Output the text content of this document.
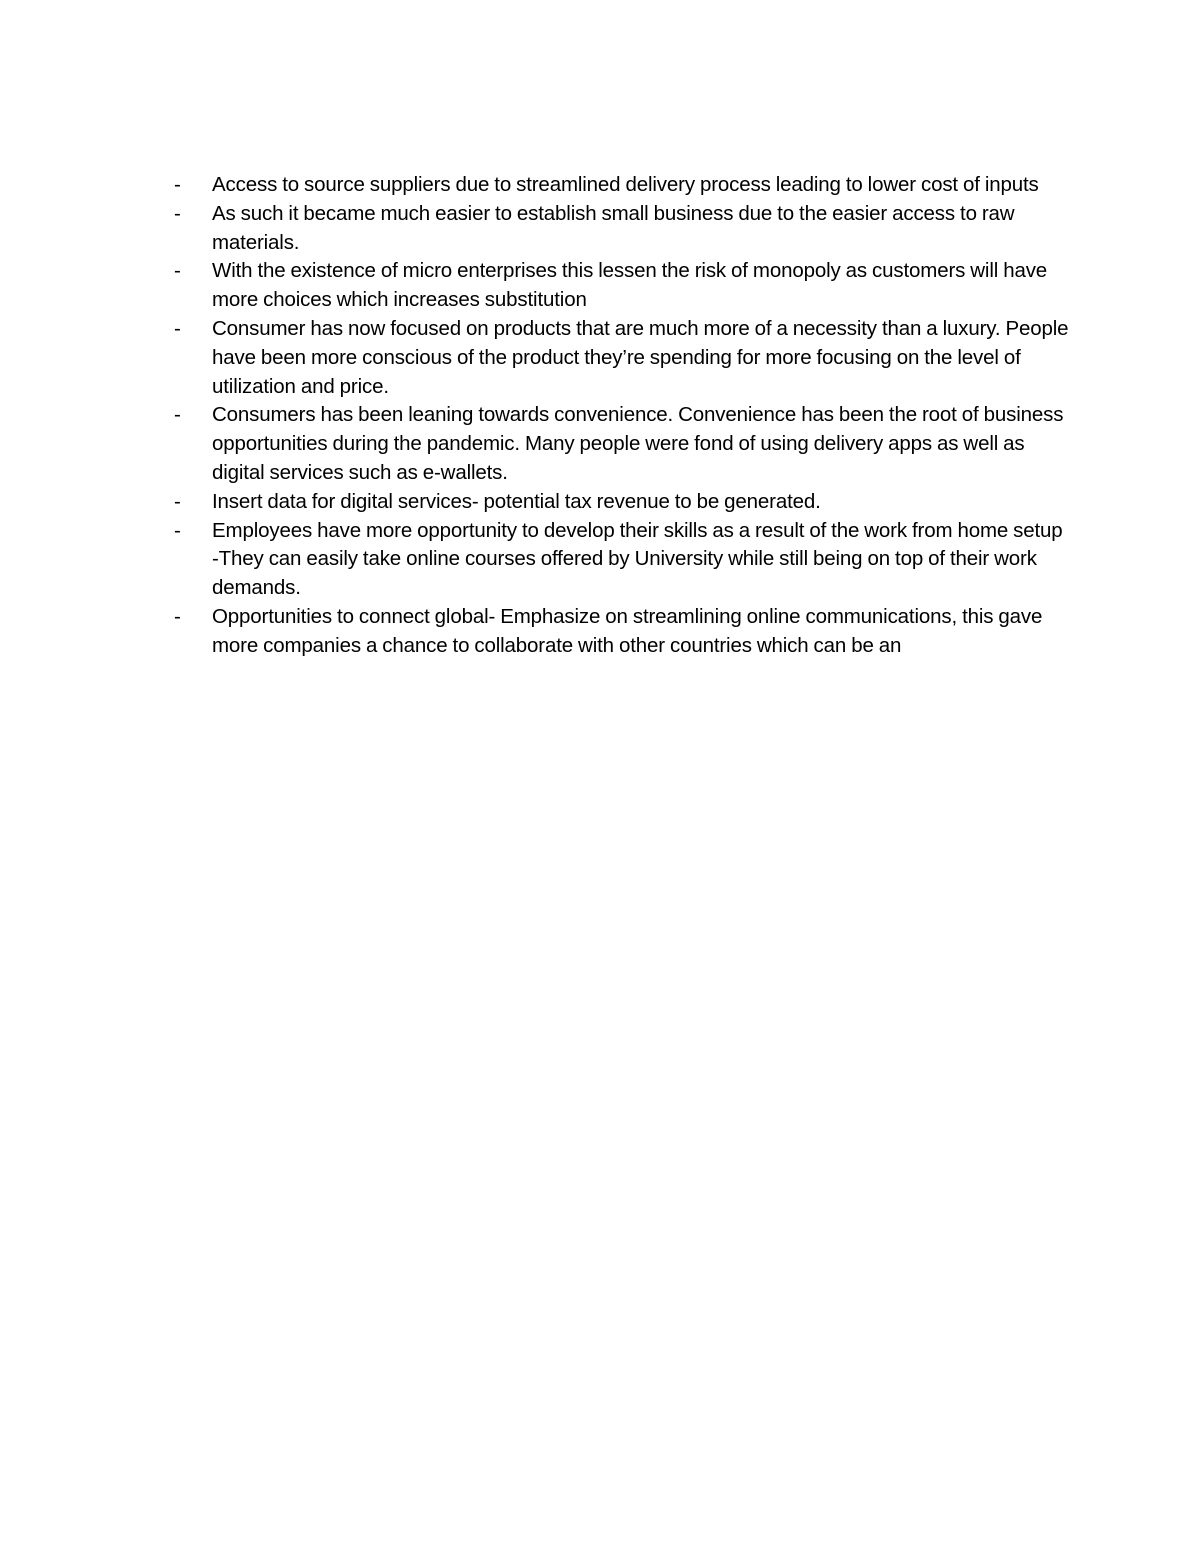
-	Access to source suppliers due to streamlined delivery process leading to lower cost of inputs
-	As such it became much easier to establish small business due to the easier access to raw materials.
-	With the existence of micro enterprises this lessen the risk of monopoly as customers will have more choices which increases substitution
-	Consumer has now focused on products that are much more of a necessity than a luxury. People have been more conscious of the product they’re spending for more focusing on the level of utilization and price.
-	Consumers has been leaning towards convenience. Convenience has been the root of business opportunities during the pandemic. Many people were fond of using delivery apps as well as digital services such as e-wallets.
-	Insert data for digital services- potential tax revenue to be generated.
-	Employees have more opportunity to develop their skills as a result of the work from home setup -They can easily take online courses offered by University while still being on top of their work demands.
-	Opportunities to connect global- Emphasize on streamlining online communications, this gave more companies a chance to collaborate with other countries which can be an
